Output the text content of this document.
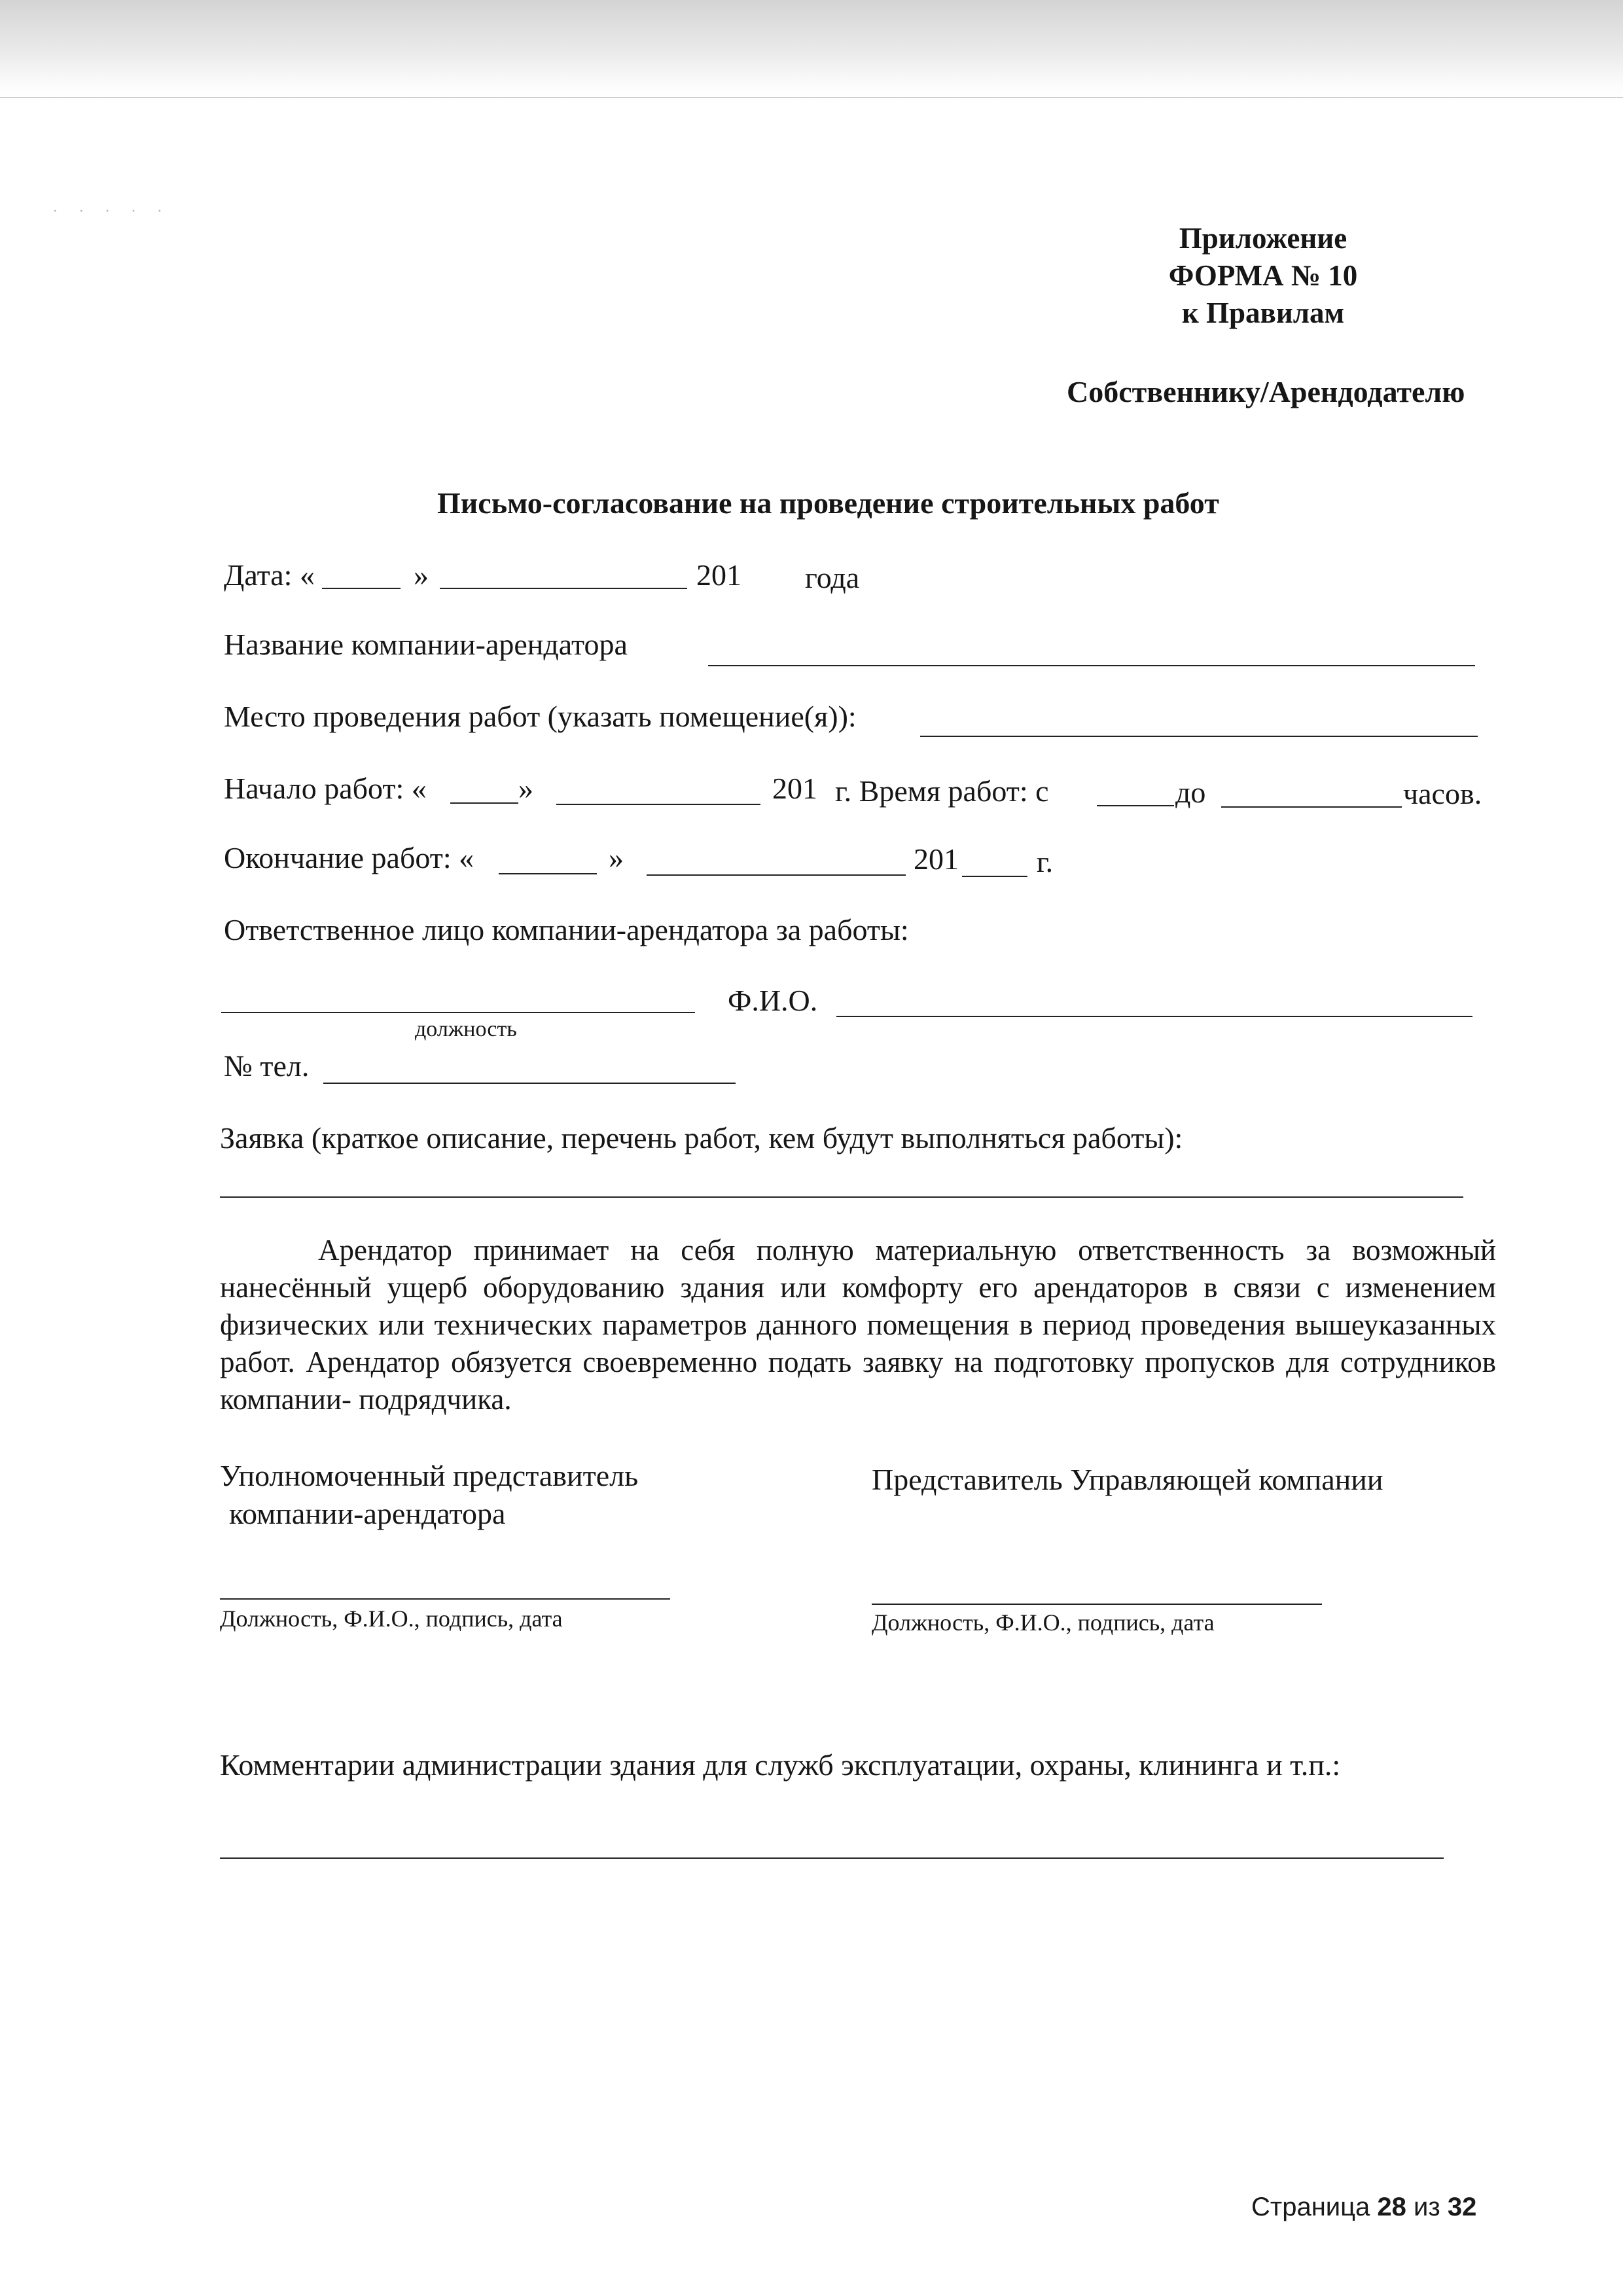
· · · · ·
Приложение
ФОРМА № 10
к Правилам
Собственнику/Арендодателю
Письмо-согласование на проведение строительных работ
Дата: «	»	201 года
Название компании-арендатора
Место проведения работ (указать помещение(я)):
Начало работ: «	»	201 г. Время работ: с	до	часов.
Окончание работ: «	»	201	г.
Ответственное лицо компании-арендатора за работы:
должность
Ф.И.О.
№ тел.
Заявка (краткое описание, перечень работ, кем будут выполняться работы):
Арендатор принимает на себя полную материальную ответственность за возможный нанесённый ущерб оборудованию здания или комфорту его арендаторов в связи с изменением физических или технических параметров данного помещения в период проведения вышеуказанных работ. Арендатор обязуется своевременно подать заявку на подготовку пропусков для сотрудников компании- подрядчика.
Уполномоченный представитель
компании-арендатора
Должность, Ф.И.О., подпись, дата
Представитель Управляющей компании
Должность, Ф.И.О., подпись, дата
Комментарии администрации здания для служб эксплуатации, охраны, клининга и т.п.:
Страница 28 из 32
